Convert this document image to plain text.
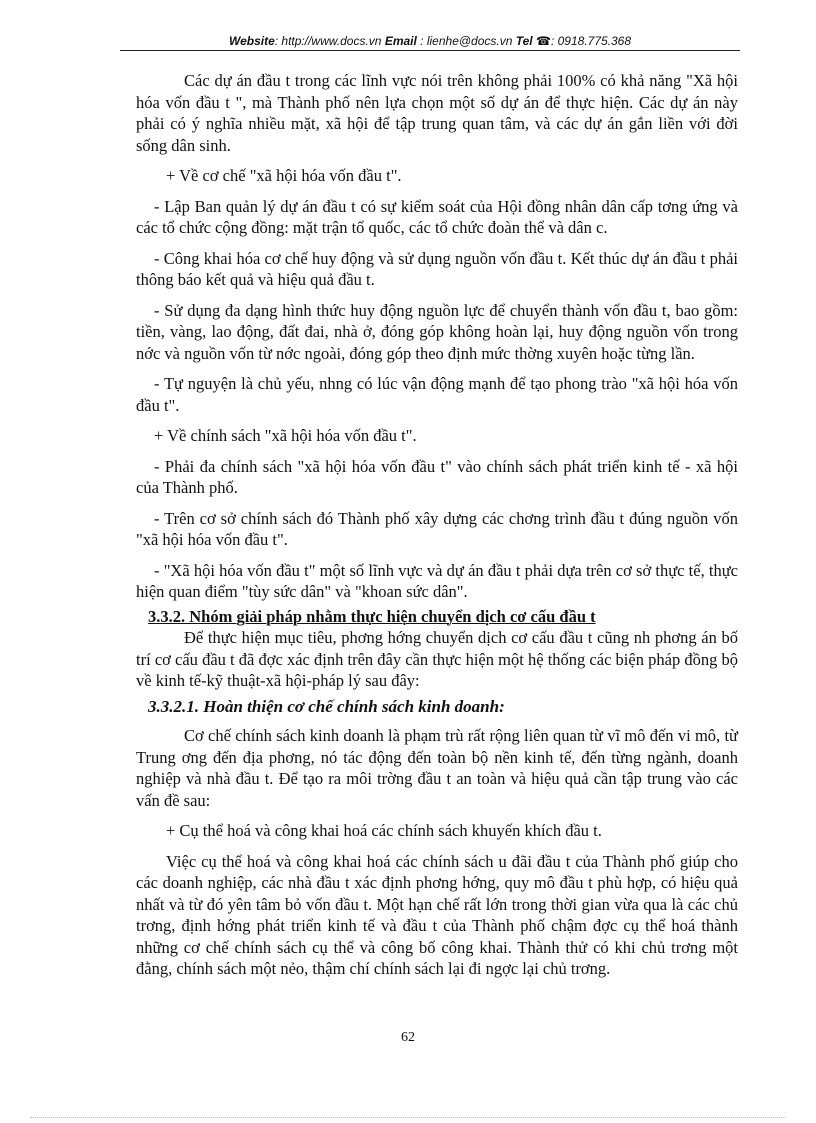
Website: http://www.docs.vn Email : lienhe@docs.vn Tel ☎: 0918.775.368

Các dự án đầu t trong các lĩnh vực nói trên không phải 100% có khả năng "Xã hội hóa vốn đầu t ", mà Thành phố nên lựa chọn một số dự án để thực hiện. Các dự án này phải có ý nghĩa nhiều mặt, xã hội để tập trung quan tâm, và các dự án gắn liền với đời sống dân sinh.

+ Về cơ chế "xã hội hóa vốn đầu t".

- Lập Ban quản lý dự án đầu t có sự kiểm soát của Hội đồng nhân dân cấp tơng ứng và các tổ chức cộng đồng: mặt trận tổ quốc, các tổ chức đoàn thể và dân c.

- Công khai hóa cơ chế huy động và sử dụng nguồn vốn đầu t. Kết thúc dự án đầu t phải thông báo kết quả và hiệu quả đầu t.

- Sử dụng đa dạng hình thức huy động nguồn lực để chuyển thành vốn đầu t, bao gồm: tiền, vàng, lao động, đất đai, nhà ở, đóng góp không hoàn lại, huy động nguồn vốn trong nớc và nguồn vốn từ nớc ngoài, đóng góp theo định mức thờng xuyên hoặc từng lần.

- Tự nguyện là chủ yếu, nhng có lúc vận động mạnh để tạo phong trào "xã hội hóa vốn đầu t".

+ Về chính sách "xã hội hóa vốn đầu t".

- Phải đa chính sách "xã hội hóa vốn đầu t" vào chính sách phát triển kinh tế - xã hội của Thành phố.

- Trên cơ sở chính sách đó Thành phố xây dựng các chơng trình đầu t đúng nguồn vốn "xã hội hóa vốn đầu t".

- "Xã hội hóa vốn đầu t" một số lĩnh vực và dự án đầu t phải dựa trên cơ sở thực tế, thực hiện quan điểm "tùy sức dân" và "khoan sức dân".

3.3.2. Nhóm giải pháp nhằm thực hiện chuyển dịch cơ cấu đầu t

Để thực hiện mục tiêu, phơng hớng chuyển dịch cơ cấu đầu t cũng nh phơng án bố trí cơ cấu đầu t đã đợc xác định trên đây cần thực hiện một hệ thống các biện pháp đồng bộ về kinh tế-kỹ thuật-xã hội-pháp lý sau đây:

3.3.2.1. Hoàn thiện cơ chế chính sách kinh doanh:

Cơ chế chính sách kinh doanh là phạm trù rất rộng liên quan từ vĩ mô đến vi mô, từ Trung ơng đến địa phơng, nó tác động đến toàn bộ nền kinh tế, đến từng ngành, doanh nghiệp và nhà đầu t. Để tạo ra môi trờng đầu t an toàn và hiệu quả cần tập trung vào các vấn đề sau:

+ Cụ thể hoá và công khai hoá các chính sách khuyến khích đầu t.

Việc cụ thể hoá và công khai hoá các chính sách u đãi đầu t của Thành phố giúp cho các doanh nghiệp, các nhà đầu t xác định phơng hớng, quy mô đầu t phù hợp, có hiệu quả nhất và từ đó yên tâm bỏ vốn đầu t. Một hạn chế rất lớn trong thời gian vừa qua là các chủ trơng, định hớng phát triển kinh tế và đầu t của Thành phố chậm đợc cụ thể hoá thành những cơ chế chính sách cụ thể và công bố công khai. Thành thử có khi chủ trơng một đằng, chính sách một nẻo, thậm chí chính sách lại đi ngợc lại chủ trơng.

62
